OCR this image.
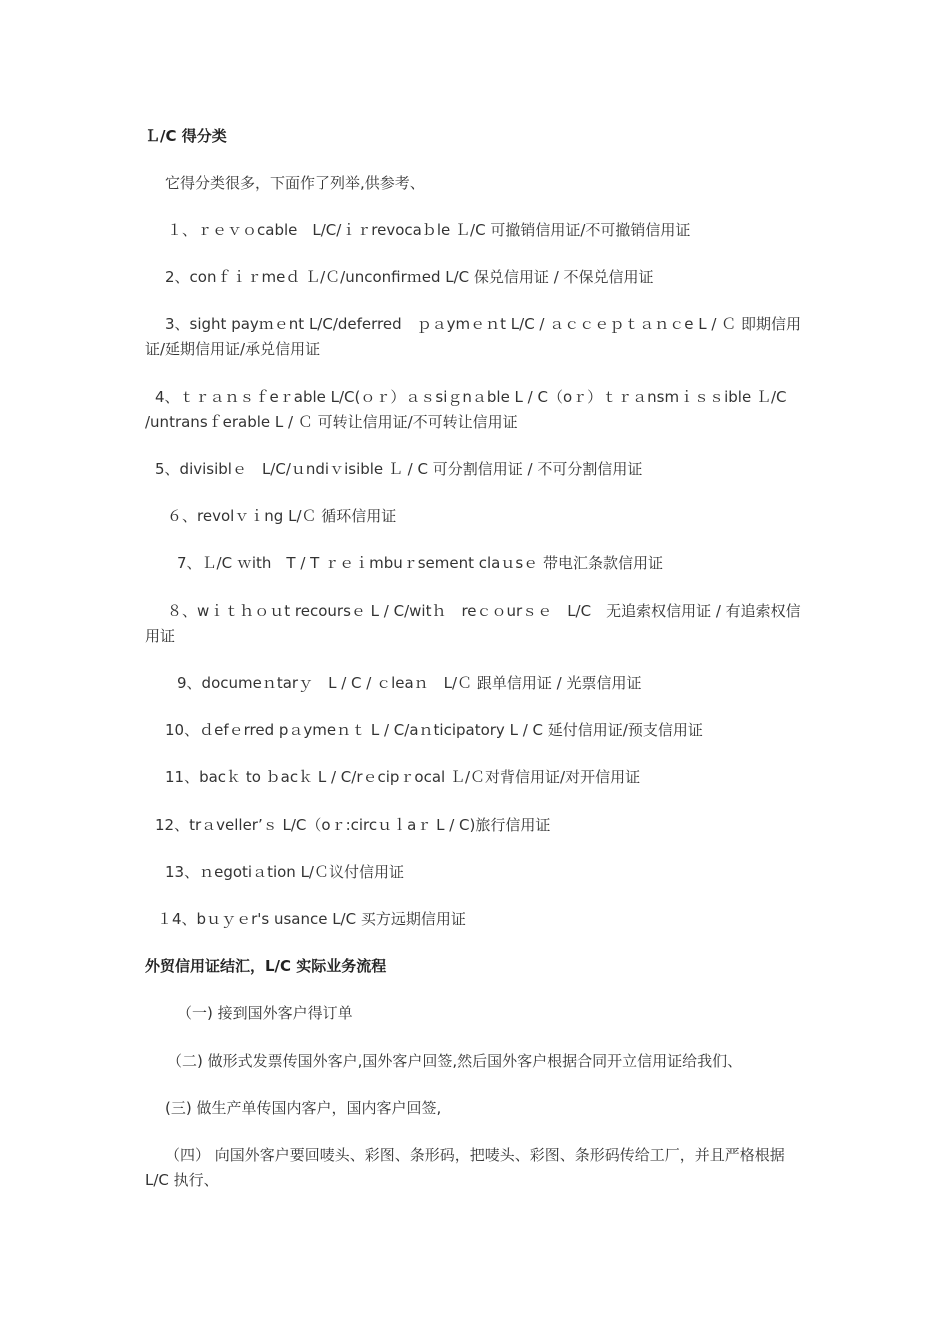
Ｌ/C 得分类
它得分类很多，下面作了列举,供参考、
１、ｒｅｖｏcable　L/C/ｉｒrevocaｂle Ｌ/C 可撤销信用证/不可撤销信用证
2、conｆｉｒmeｄ Ｌ/Ｃ/unconfirｍed L/C 保兑信用证 / 不保兑信用证
3、sight payｍｅnt L/C/deferred　ｐａymｅｎt L/C / ａｃｃｅｐｔａｎｃe L / Ｃ 即期信用证/延期信用证/承兑信用证
4、ｔｒａｎｓｆeｒable L/C(ｏｒ）ａｓsiｇnａble L / C（oｒ）ｔｒａnsmｉｓｓible Ｌ/C /untransｆerable L / Ｃ 可转让信用证/不可转让信用证
5、divisiblｅ　L/C/ｕndiｖisible Ｌ / C 可分割信用证 / 不可分割信用证
６、revolｖｉng L/Ｃ 循环信用证
7、Ｌ/C ｗith　T / T ｒｅｉmbuｒsement claｕsｅ 带电汇条款信用证
８、wｉｔｈｏｕt recoursｅ L / C/witｈ　reｃｏurｓｅ　L/C　无追索权信用证 / 有追索权信用证
9、documeｎtarｙ　L / C / ｃleaｎ　L/Ｃ 跟单信用证 / 光票信用证
10、ｄefｅrred pａymeｎｔ L / C/aｎticipatory L / C 延付信用证/预支信用证
11、bacｋ to ｂacｋ L / C/rｅcipｒocal Ｌ/Ｃ对背信用证/对开信用证
12、trａveller’ｓ L/C（oｒ:circｕｌaｒ L / C)旅行信用证
13、ｎegotiａtion L/Ｃ议付信用证
１4、bｕｙｅr's usance L/C 买方远期信用证
外贸信用证结汇，L/C 实际业务流程
（一) 接到国外客户得订单
（二) 做形式发票传国外客户,国外客户回签,然后国外客户根据合同开立信用证给我们、
(三) 做生产单传国内客户，国内客户回签,
（四） 向国外客户要回唛头、彩图、条形码，把唛头、彩图、条形码传给工厂，并且严格根据 L/C 执行、
